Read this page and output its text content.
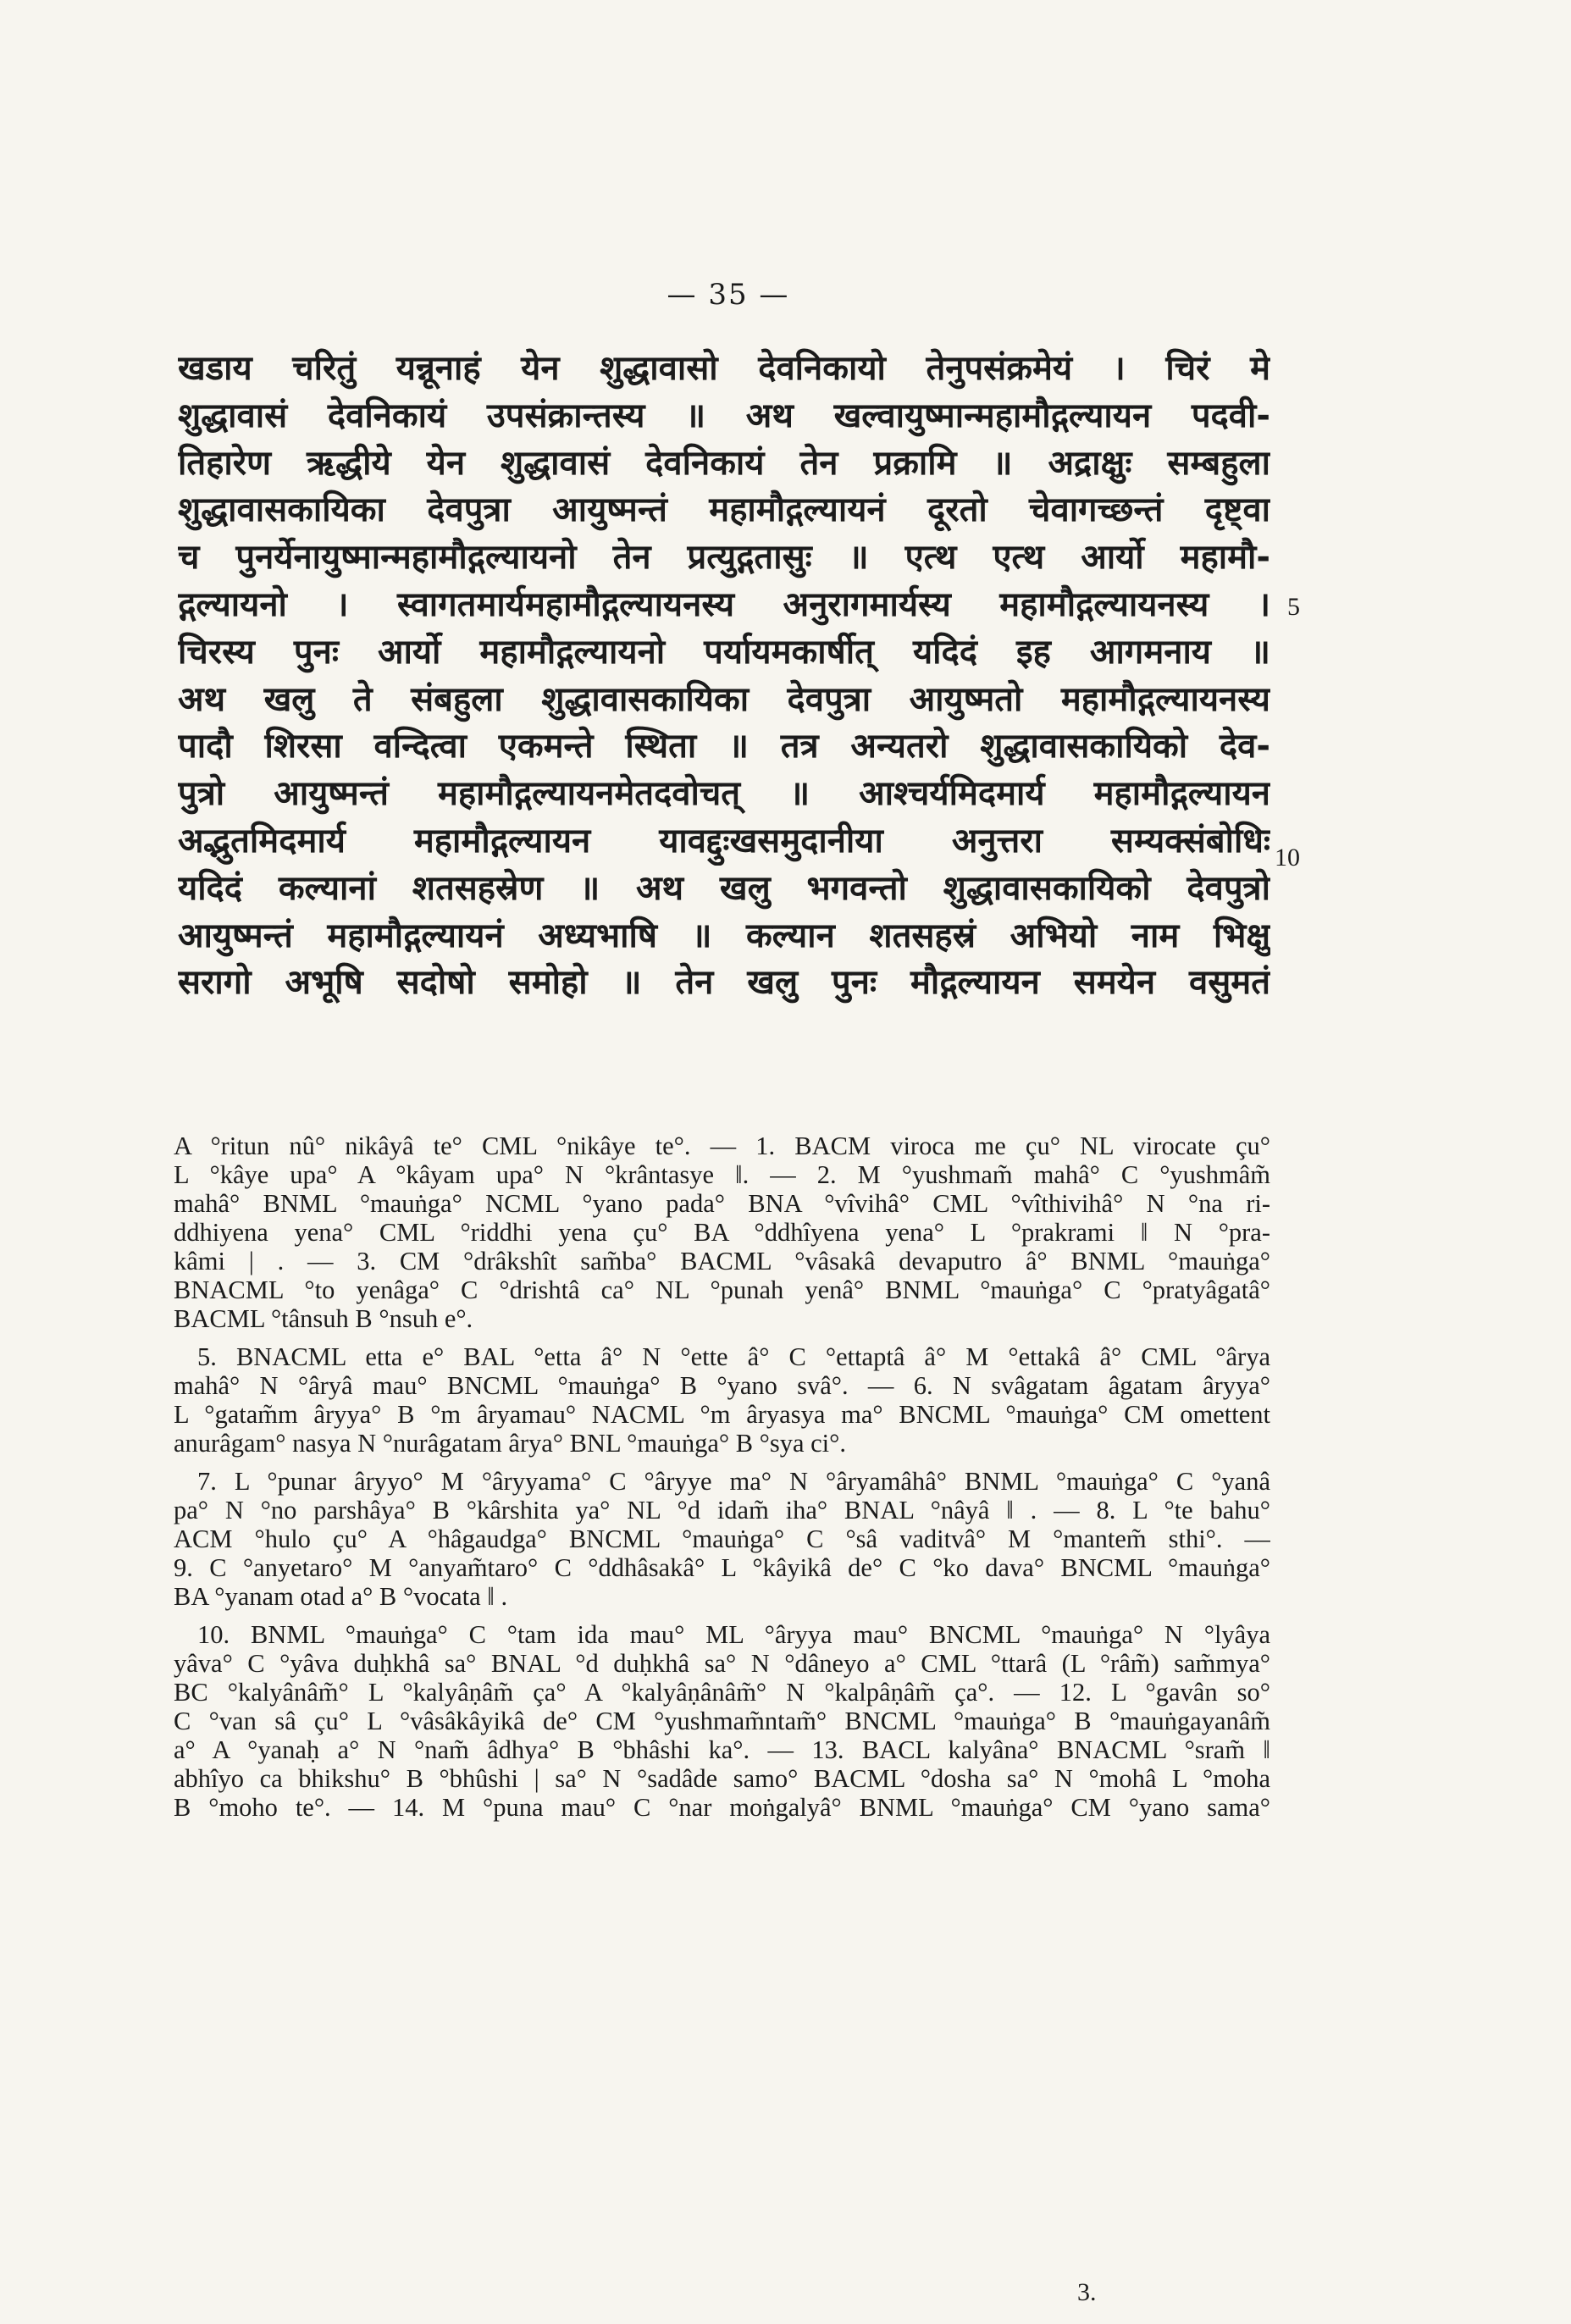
— 35 —
खडाय चरितुं यन्नूनाहं येन शुद्धावासो देवनिकायो तेनुपसंक्रमेयं । चिरं मे
शुद्धावासं देवनिकायं उपसंक्रान्तस्य ॥ अथ खल्वायुष्मान्महामौद्गल्यायन पदवी-
तिहारेण ऋद्धीये येन शुद्धावासं देवनिकायं तेन प्रक्रामि ॥ अद्राक्षुः सम्बहुला
शुद्धावासकायिका देवपुत्रा आयुष्मन्तं महामौद्गल्यायनं दूरतो चेवागच्छन्तं दृष्ट्वा
च पुनर्येनायुष्मान्महामौद्गल्यायनो तेन प्रत्युद्गतासुः ॥ एत्थ एत्थ आर्यो महामौ-
द्गल्यायनो । स्वागतमार्यमहामौद्गल्यायनस्य अनुरागमार्यस्य महामौद्गल्यायनस्य ।
चिरस्य पुनः आर्यो महामौद्गल्यायनो पर्यायमकार्षीत् यदिदं इह आगमनाय ॥
अथ खलु ते संबहुला शुद्धावासकायिका देवपुत्रा आयुष्मतो महामौद्गल्यायनस्य
पादौ शिरसा वन्दित्वा एकमन्ते स्थिता ॥ तत्र अन्यतरो शुद्धावासकायिको देव-
पुत्रो आयुष्मन्तं महामौद्गल्यायनमेतदवोचत् ॥ आश्चर्यमिदमार्य महामौद्गल्यायन
अद्भुतमिदमार्य महामौद्गल्यायन यावद्दुःखसमुदानीया अनुत्तरा सम्यक्संबोधिः
यदिदं कल्यानां शतसहस्रेण ॥ अथ खलु भगवन्तो शुद्धावासकायिको देवपुत्रो
आयुष्मन्तं महामौद्गल्यायनं अध्यभाषि ॥ कल्यान शतसहस्रं अभियो नाम भिक्षु
सरागो अभूषि सदोषो समोहो ॥ तेन खलु पुनः मौद्गल्यायन समयेन वसुमतं
5
10
A °ritun nû° nikâyâ te° CML °nikâye te°. — 1. BACM viroca me çu° NL virocate çu°
L °kâye upa° A °kâyam upa° N °krântasye ‖. — 2. M °yushmam̃ mahâ° C °yushmâm̃
mahâ° BNML °mauṅga° NCML °yano pada° BNA °vîvihâ° CML °vîthivihâ° N °na ri-
ddhiyena yena° CML °riddhi yena çu° BA °ddhîyena yena° L °prakrami ‖ N °pra-
kâmi | . — 3. CM °drâkshît sam̃ba° BACML °vâsakâ devaputro â° BNML °mauṅga°
BNACML °to yenâga° C °drishtâ ca° NL °punah yenâ° BNML °mauṅga° C °pratyâgatâ°
BACML °tânsuh B °nsuh e°.
5. BNACML etta e° BAL °etta â° N °ette â° C °ettaptâ â° M °ettakâ â° CML °ârya
mahâ° N °âryâ mau° BNCML °mauṅga° B °yano svâ°. — 6. N svâgatam âgatam âryya°
L °gatam̃m âryya° B °m âryamau° NACML °m âryasya ma° BNCML °mauṅga° CM omettent
anurâgam° nasya N °nurâgatam ârya° BNL °mauṅga° B °sya ci°.
7. L °punar âryyo° M °âryyama° C °âryye ma° N °âryamâhâ° BNML °mauṅga° C °yanâ
pa° N °no parshâya° B °kârshita ya° NL °d idam̃ iha° BNAL °nâyâ ‖ . — 8. L °te bahu°
ACM °hulo çu° A °hâgaudga° BNCML °mauṅga° C °sâ vaditvâ° M °mantem̃ sthi°. —
9. C °anyetaro° M °anyam̃taro° C °ddhâsakâ° L °kâyikâ de° C °ko dava° BNCML °mauṅga°
BA °yanam otad a° B °vocata ‖ .
10. BNML °mauṅga° C °tam ida mau° ML °âryya mau° BNCML °mauṅga° N °lyâya
yâva° C °yâva duḥkhâ sa° BNAL °d duḥkhâ sa° N °dâneyo a° CML °ttarâ (L °râm̃) sam̃mya°
BC °kalyânâm̃° L °kalyâṇâm̃ ça° A °kalyâṇânâm̃° N °kalpâṇâm̃ ça°. — 12. L °gavân so°
C °van sâ çu° L °vâsâkâyikâ de° CM °yushmam̃ntam̃° BNCML °mauṅga° B °mauṅgayanâm̃
a° A °yanaḥ a° N °nam̃ âdhya° B °bhâshi ka°. — 13. BACL kalyâna° BNACML °sram̃ ‖
abhîyo ca bhikshu° B °bhûshi | sa° N °sadâde samo° BACML °dosha sa° N °mohâ L °moha
B °moho te°. — 14. M °puna mau° C °nar moṅgalyâ° BNML °mauṅga° CM °yano sama°
3.
